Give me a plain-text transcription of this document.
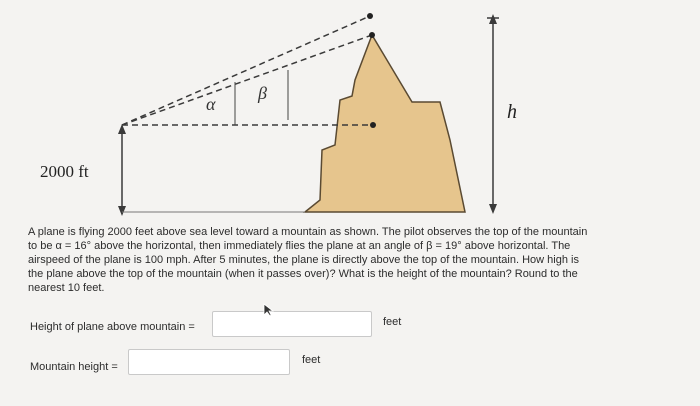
2000 ft
α
β
h

A plane is flying 2000 feet above sea level toward a mountain as shown. The pilot observes the top of the mountain to be α = 16° above the horizontal, then immediately flies the plane at an angle of β = 19° above horizontal. The airspeed of the plane is 100 mph. After 5 minutes, the plane is directly above the top of the mountain. How high is the plane above the top of the mountain (when it passes over)? What is the height of the mountain? Round to the nearest 10 feet.

Height of plane above mountain =	feet
Mountain height =
feet
